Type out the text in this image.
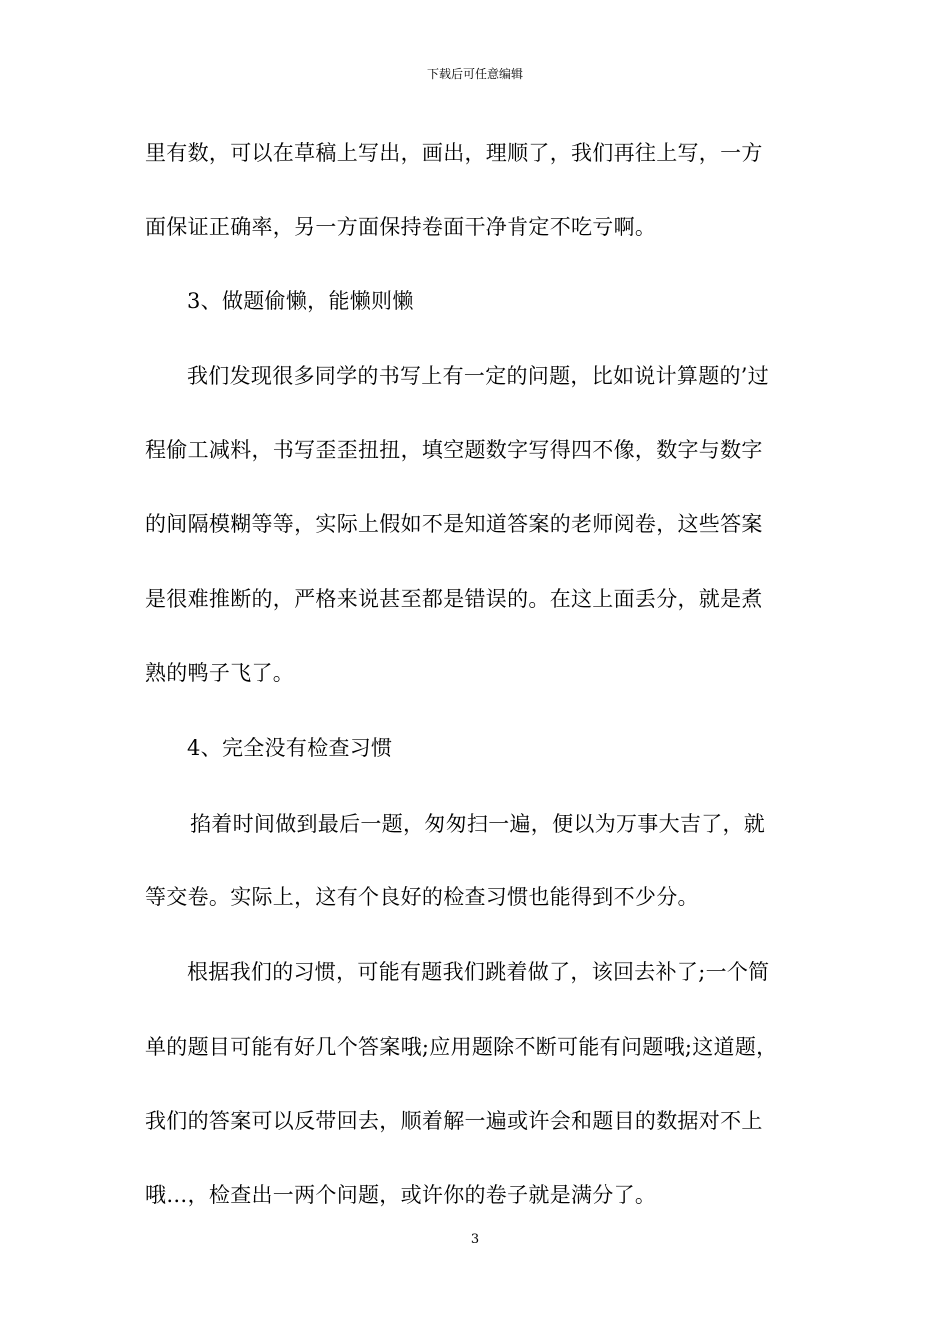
下载后可任意编辑
里有数，可以在草稿上写出，画出，理顺了，我们再往上写，一方
面保证正确率，另一方面保持卷面干净肯定不吃亏啊。
3、做题偷懒，能懒则懒
我们发现很多同学的书写上有一定的问题，比如说计算题的’过
程偷工减料，书写歪歪扭扭，填空题数字写得四不像，数字与数字
的间隔模糊等等，实际上假如不是知道答案的老师阅卷，这些答案
是很难推断的，严格来说甚至都是错误的。在这上面丢分，就是煮
熟的鸭子飞了。
4、完全没有检查习惯
掐着时间做到最后一题，匆匆扫一遍，便以为万事大吉了，就
等交卷。实际上，这有个良好的检查习惯也能得到不少分。
根据我们的习惯，可能有题我们跳着做了，该回去补了;一个简
单的题目可能有好几个答案哦;应用题除不断可能有问题哦;这道题，
我们的答案可以反带回去，顺着解一遍或许会和题目的数据对不上
哦…，检查出一两个问题，或许你的卷子就是满分了。
3
